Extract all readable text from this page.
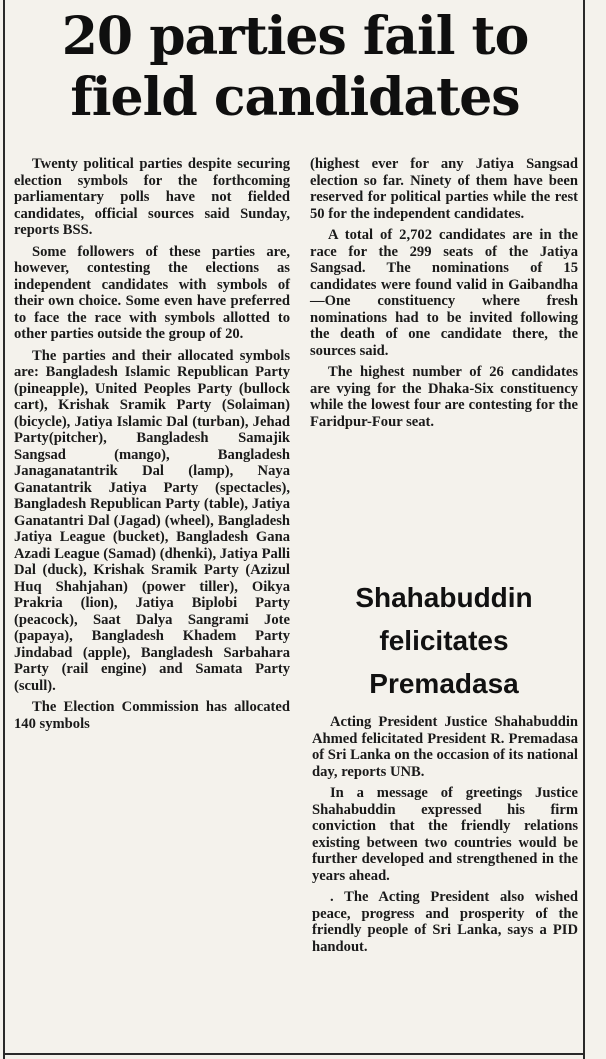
20 parties fail to field candidates

Twenty political parties despite securing election symbols for the forthcoming parliamentary polls have not fielded candidates, official sources said Sunday, reports BSS.

Some followers of these parties are, however, contesting the elections as independent candidates with symbols of their own choice. Some even have preferred to face the race with symbols allotted to other parties outside the group of 20.

The parties and their allocated symbols are: Bangladesh Islamic Republican Party (pineapple), United Peoples Party (bullock cart), Krishak Sramik Party (Solaiman) (bicycle), Jatiya Islamic Dal (turban), Jehad Party(pitcher), Bangladesh Samajik Sangsad (mango), Bangladesh Janaganatantrik Dal (lamp), Naya Ganatantrik Jatiya Party (spectacles), Bangladesh Republican Party (table), Jatiya Ganatantri Dal (Jagad) (wheel), Bangladesh Jatiya League (bucket), Bangladesh Gana Azadi League (Samad) (dhenki), Jatiya Palli Dal (duck), Krishak Sramik Party (Azizul Huq Shahjahan) (power tiller), Oikya Prakria (lion), Jatiya Biplobi Party (peacock), Saat Dalya Sangrami Jote (papaya), Bangladesh Khadem Party Jindabad (apple), Bangladesh Sarbahara Party (rail engine) and Samata Party (scull).

The Election Commission has allocated 140 symbols

(highest ever for any Jatiya Sangsad election so far. Ninety of them have been reserved for political parties while the rest 50 for the independent candidates.

A total of 2,702 candidates are in the race for the 299 seats of the Jatiya Sangsad. The nominations of 15 candidates were found valid in Gaibandha—One constituency where fresh nominations had to be invited following the death of one candidate there, the sources said.

The highest number of 26 candidates are vying for the Dhaka-Six constituency while the lowest four are contesting for the Faridpur-Four seat.

Shahabuddin felicitates Premadasa

Acting President Justice Shahabuddin Ahmed felicitated President R. Premadasa of Sri Lanka on the occasion of its national day, reports UNB.

In a message of greetings Justice Shahabuddin expressed his firm conviction that the friendly relations existing between two countries would be further developed and strengthened in the years ahead.

. The Acting President also wished peace, progress and prosperity of the friendly people of Sri Lanka, says a PID handout.
